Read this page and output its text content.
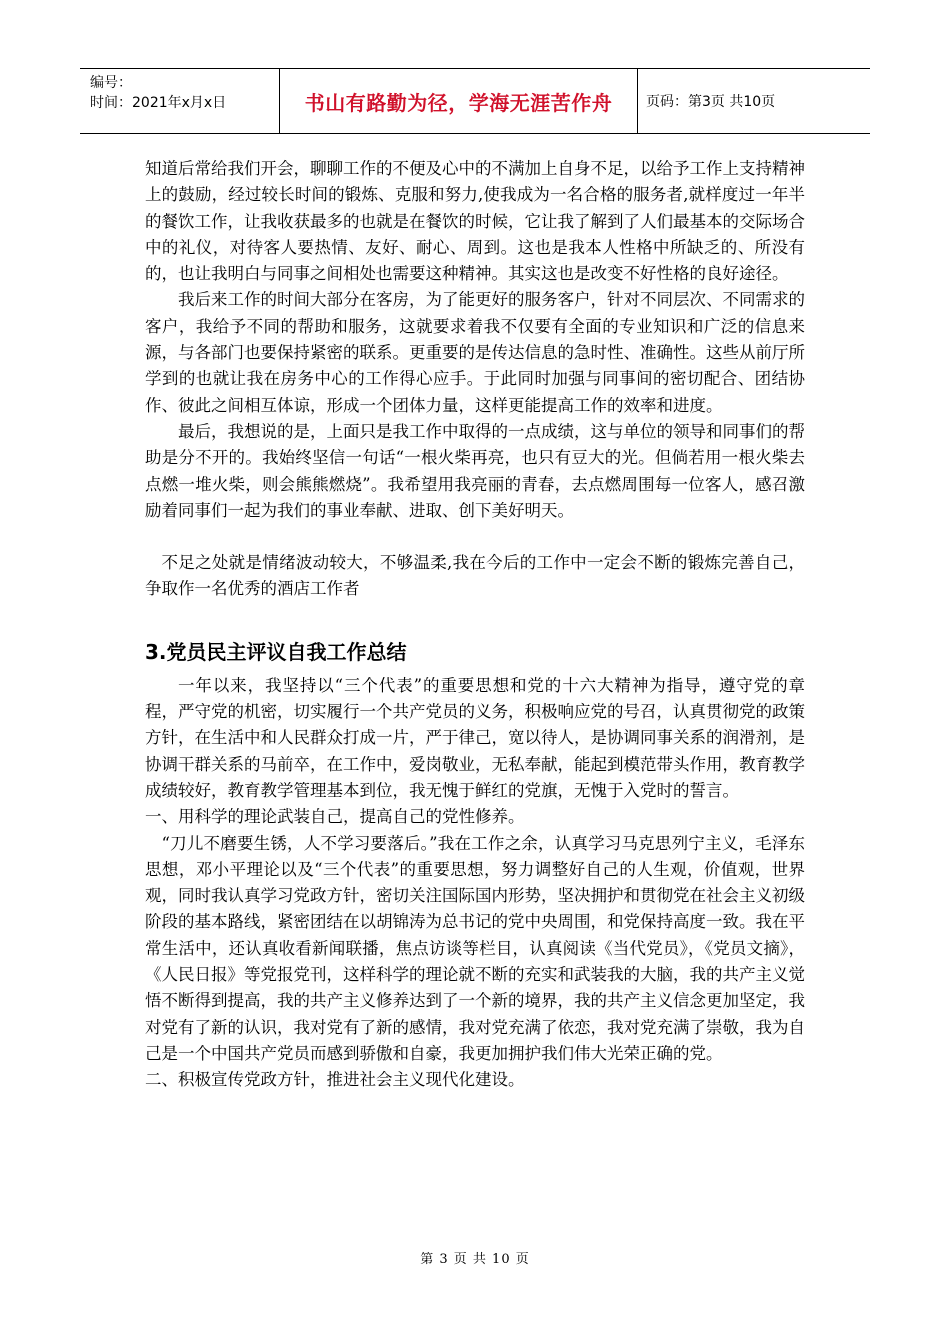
编号：
时间：2021年x月x日	书山有路勤为径，学海无涯苦作舟	页码：第3页 共10页

知道后常给我们开会，聊聊工作的不便及心中的不满加上自身不足，以给予工作上支持精神上的鼓励，经过较长时间的锻炼、克服和努力,使我成为一名合格的服务者,就样度过一年半的餐饮工作，让我收获最多的也就是在餐饮的时候，它让我了解到了人们最基本的交际场合中的礼仪，对待客人要热情、友好、耐心、周到。这也是我本人性格中所缺乏的、所没有的，也让我明白与同事之间相处也需要这种精神。其实这也是改变不好性格的良好途径。

我后来工作的时间大部分在客房，为了能更好的服务客户，针对不同层次、不同需求的客户，我给予不同的帮助和服务，这就要求着我不仅要有全面的专业知识和广泛的信息来源，与各部门也要保持紧密的联系。更重要的是传达信息的急时性、准确性。这些从前厅所学到的也就让我在房务中心的工作得心应手。于此同时加强与同事间的密切配合、团结协作、彼此之间相互体谅，形成一个团体力量，这样更能提高工作的效率和进度。

最后，我想说的是，上面只是我工作中取得的一点成绩，这与单位的领导和同事们的帮助是分不开的。我始终坚信一句话“一根火柴再亮，也只有豆大的光。但倘若用一根火柴去点燃一堆火柴，则会熊熊燃烧”。我希望用我亮丽的青春，去点燃周围每一位客人，感召激励着同事们一起为我们的事业奉献、进取、创下美好明天。

不足之处就是情绪波动较大，不够温柔,我在今后的工作中一定会不断的锻炼完善自己，争取作一名优秀的酒店工作者

3.党员民主评议自我工作总结

一年以来，我坚持以“三个代表”的重要思想和党的十六大精神为指导，遵守党的章程，严守党的机密，切实履行一个共产党员的义务，积极响应党的号召，认真贯彻党的政策方针，在生活中和人民群众打成一片，严于律己，宽以待人，是协调同事关系的润滑剂，是协调干群关系的马前卒，在工作中，爱岗敬业，无私奉献，能起到模范带头作用，教育教学成绩较好，教育教学管理基本到位，我无愧于鲜红的党旗，无愧于入党时的誓言。

一、用科学的理论武装自己，提高自己的党性修养。

“刀儿不磨要生锈，人不学习要落后。”我在工作之余，认真学习马克思列宁主义，毛泽东思想，邓小平理论以及“三个代表”的重要思想，努力调整好自己的人生观，价值观，世界观，同时我认真学习党政方针，密切关注国际国内形势，坚决拥护和贯彻党在社会主义初级阶段的基本路线，紧密团结在以胡锦涛为总书记的党中央周围，和党保持高度一致。我在平常生活中，还认真收看新闻联播，焦点访谈等栏目，认真阅读《当代党员》，《党员文摘》，《人民日报》等党报党刊，这样科学的理论就不断的充实和武装我的大脑，我的共产主义觉悟不断得到提高，我的共产主义修养达到了一个新的境界，我的共产主义信念更加坚定，我对党有了新的认识，我对党有了新的感情，我对党充满了依恋，我对党充满了崇敬，我为自己是一个中国共产党员而感到骄傲和自豪，我更加拥护我们伟大光荣正确的党。

二、积极宣传党政方针，推进社会主义现代化建设。

第 3 页 共 10 页
